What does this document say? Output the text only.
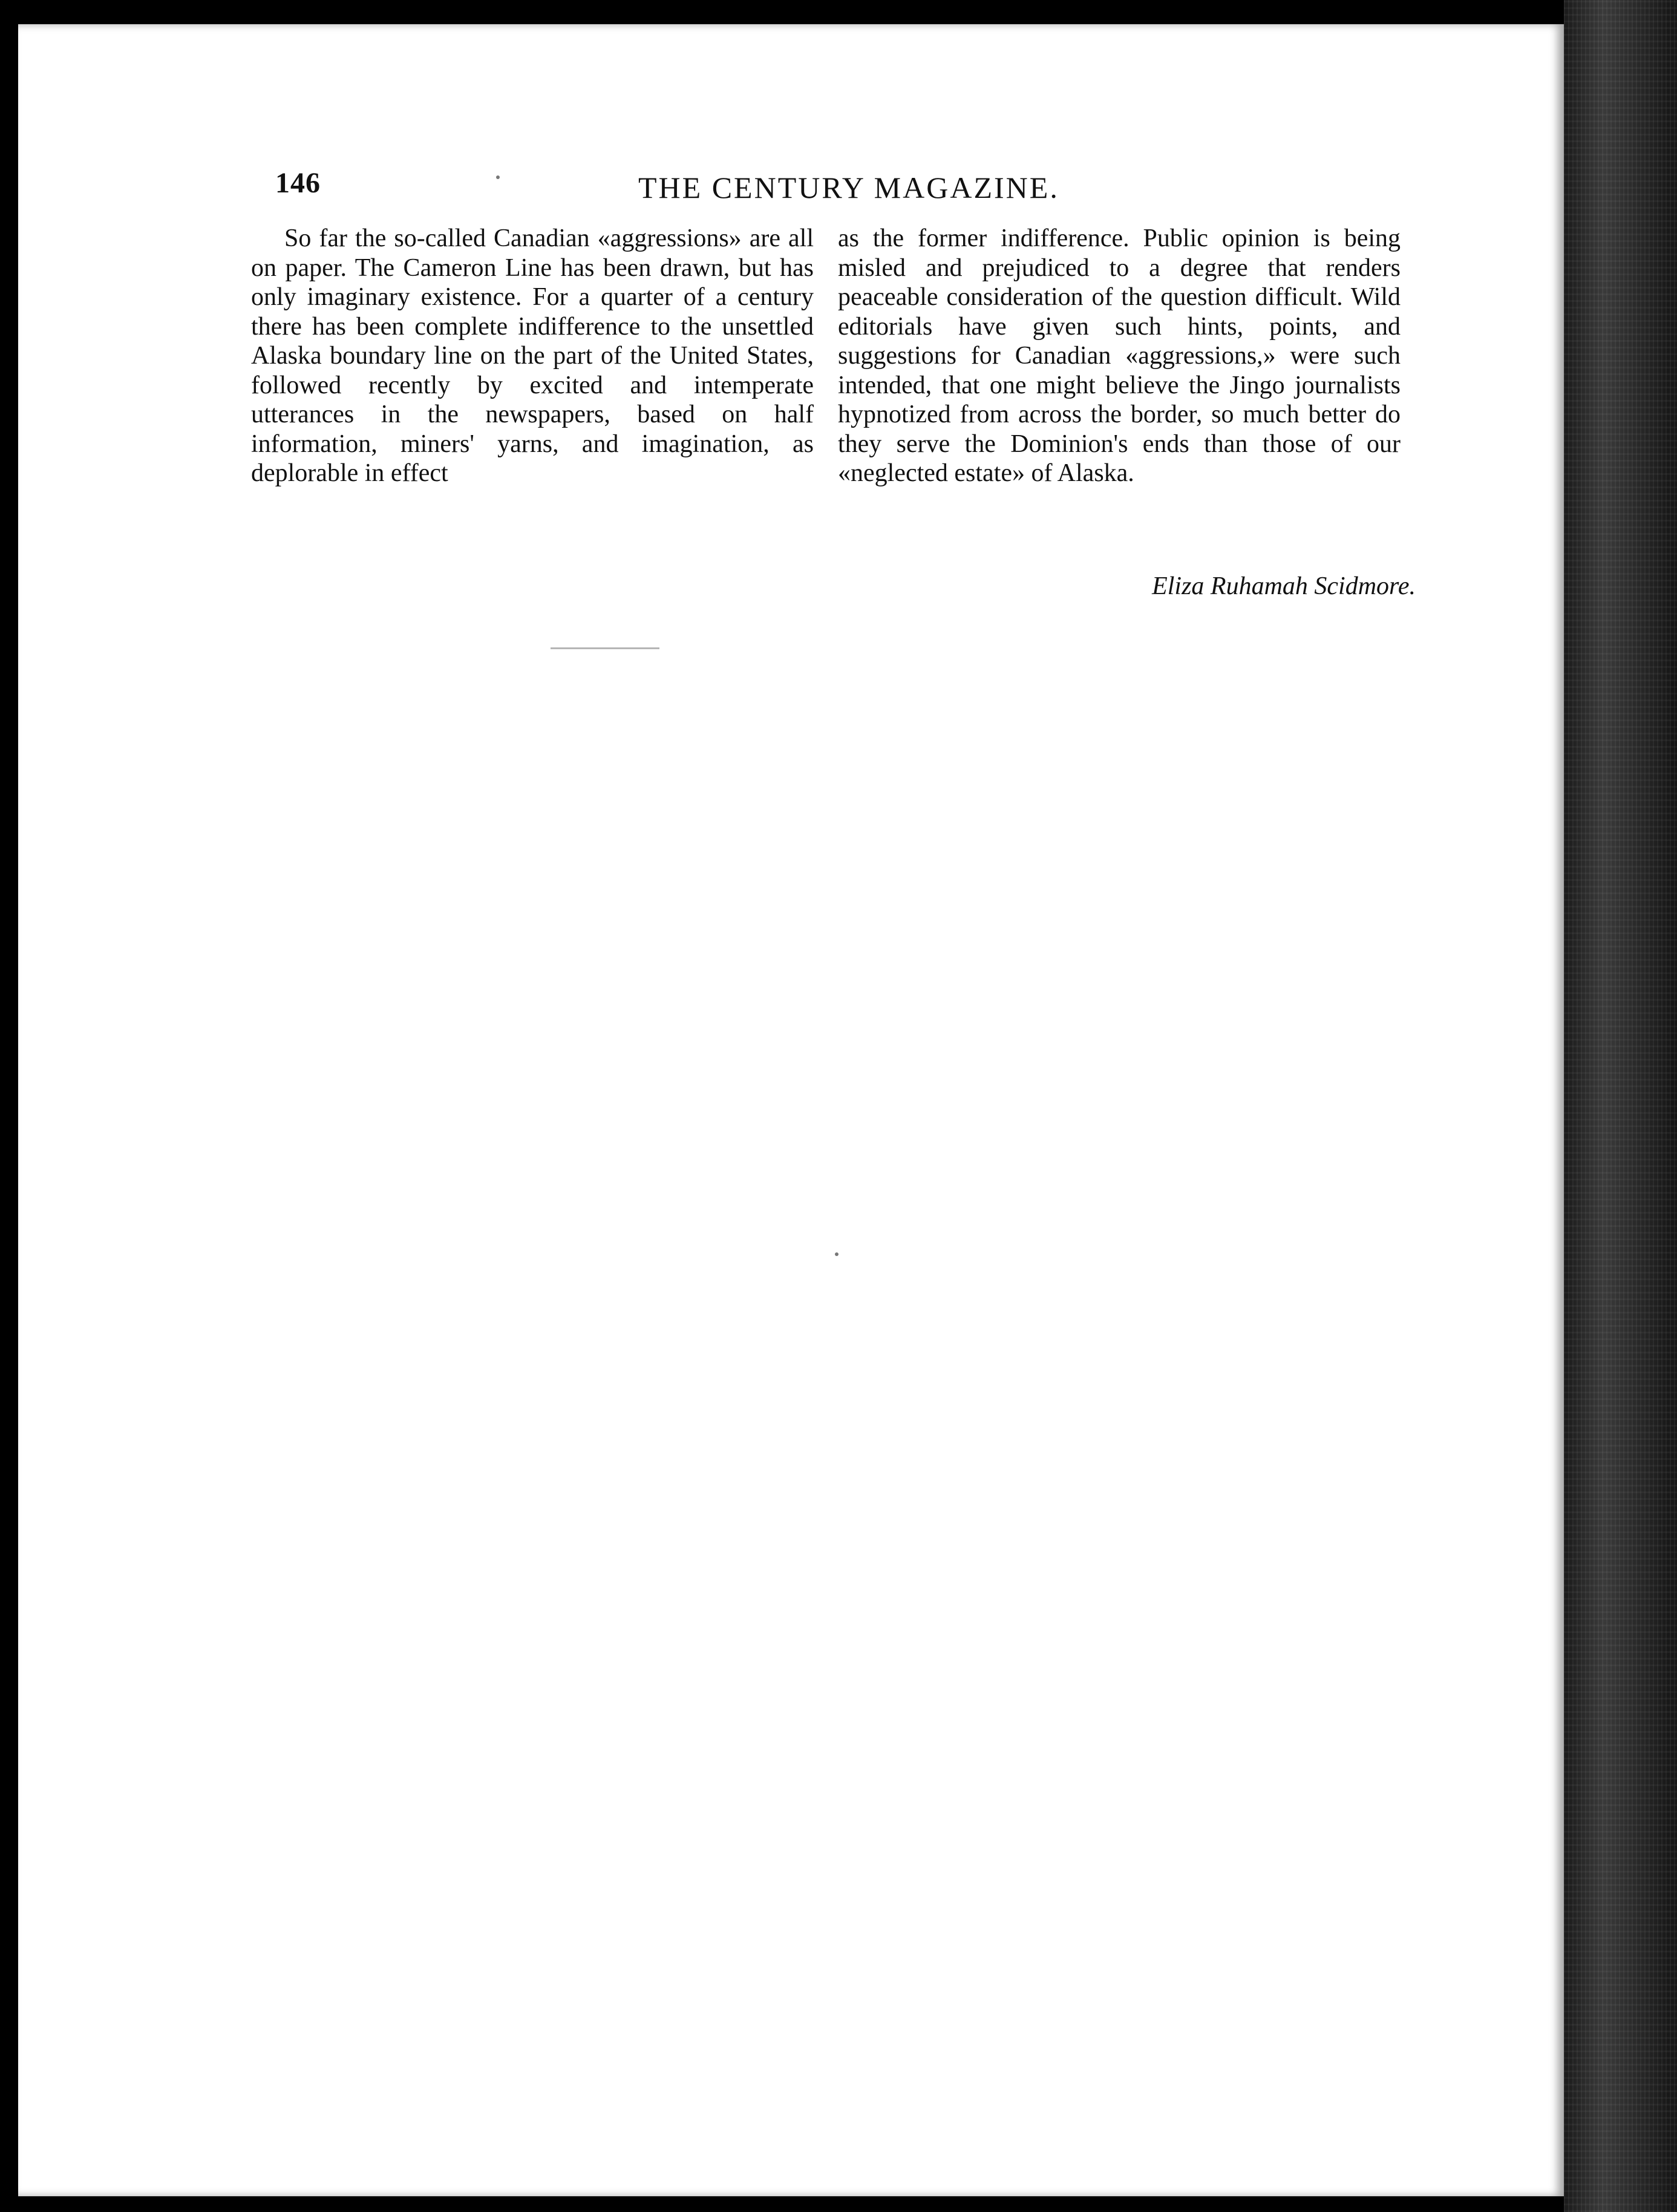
146	THE CENTURY MAGAZINE.

So far the so-called Canadian «aggressions» are all on paper. The Cameron Line has been drawn, but has only imaginary existence. For a quarter of a century there has been complete indifference to the unsettled Alaska boundary line on the part of the United States, followed recently by excited and intemperate utterances in the newspapers, based on half information, miners' yarns, and imagination, as deplorable in effect

as the former indifference. Public opinion is being misled and prejudiced to a degree that renders peaceable consideration of the question difficult. Wild editorials have given such hints, points, and suggestions for Canadian «aggressions,» were such intended, that one might believe the Jingo journalists hypnotized from across the border, so much better do they serve the Dominion's ends than those of our «neglected estate» of Alaska.

Eliza Ruhamah Scidmore.
